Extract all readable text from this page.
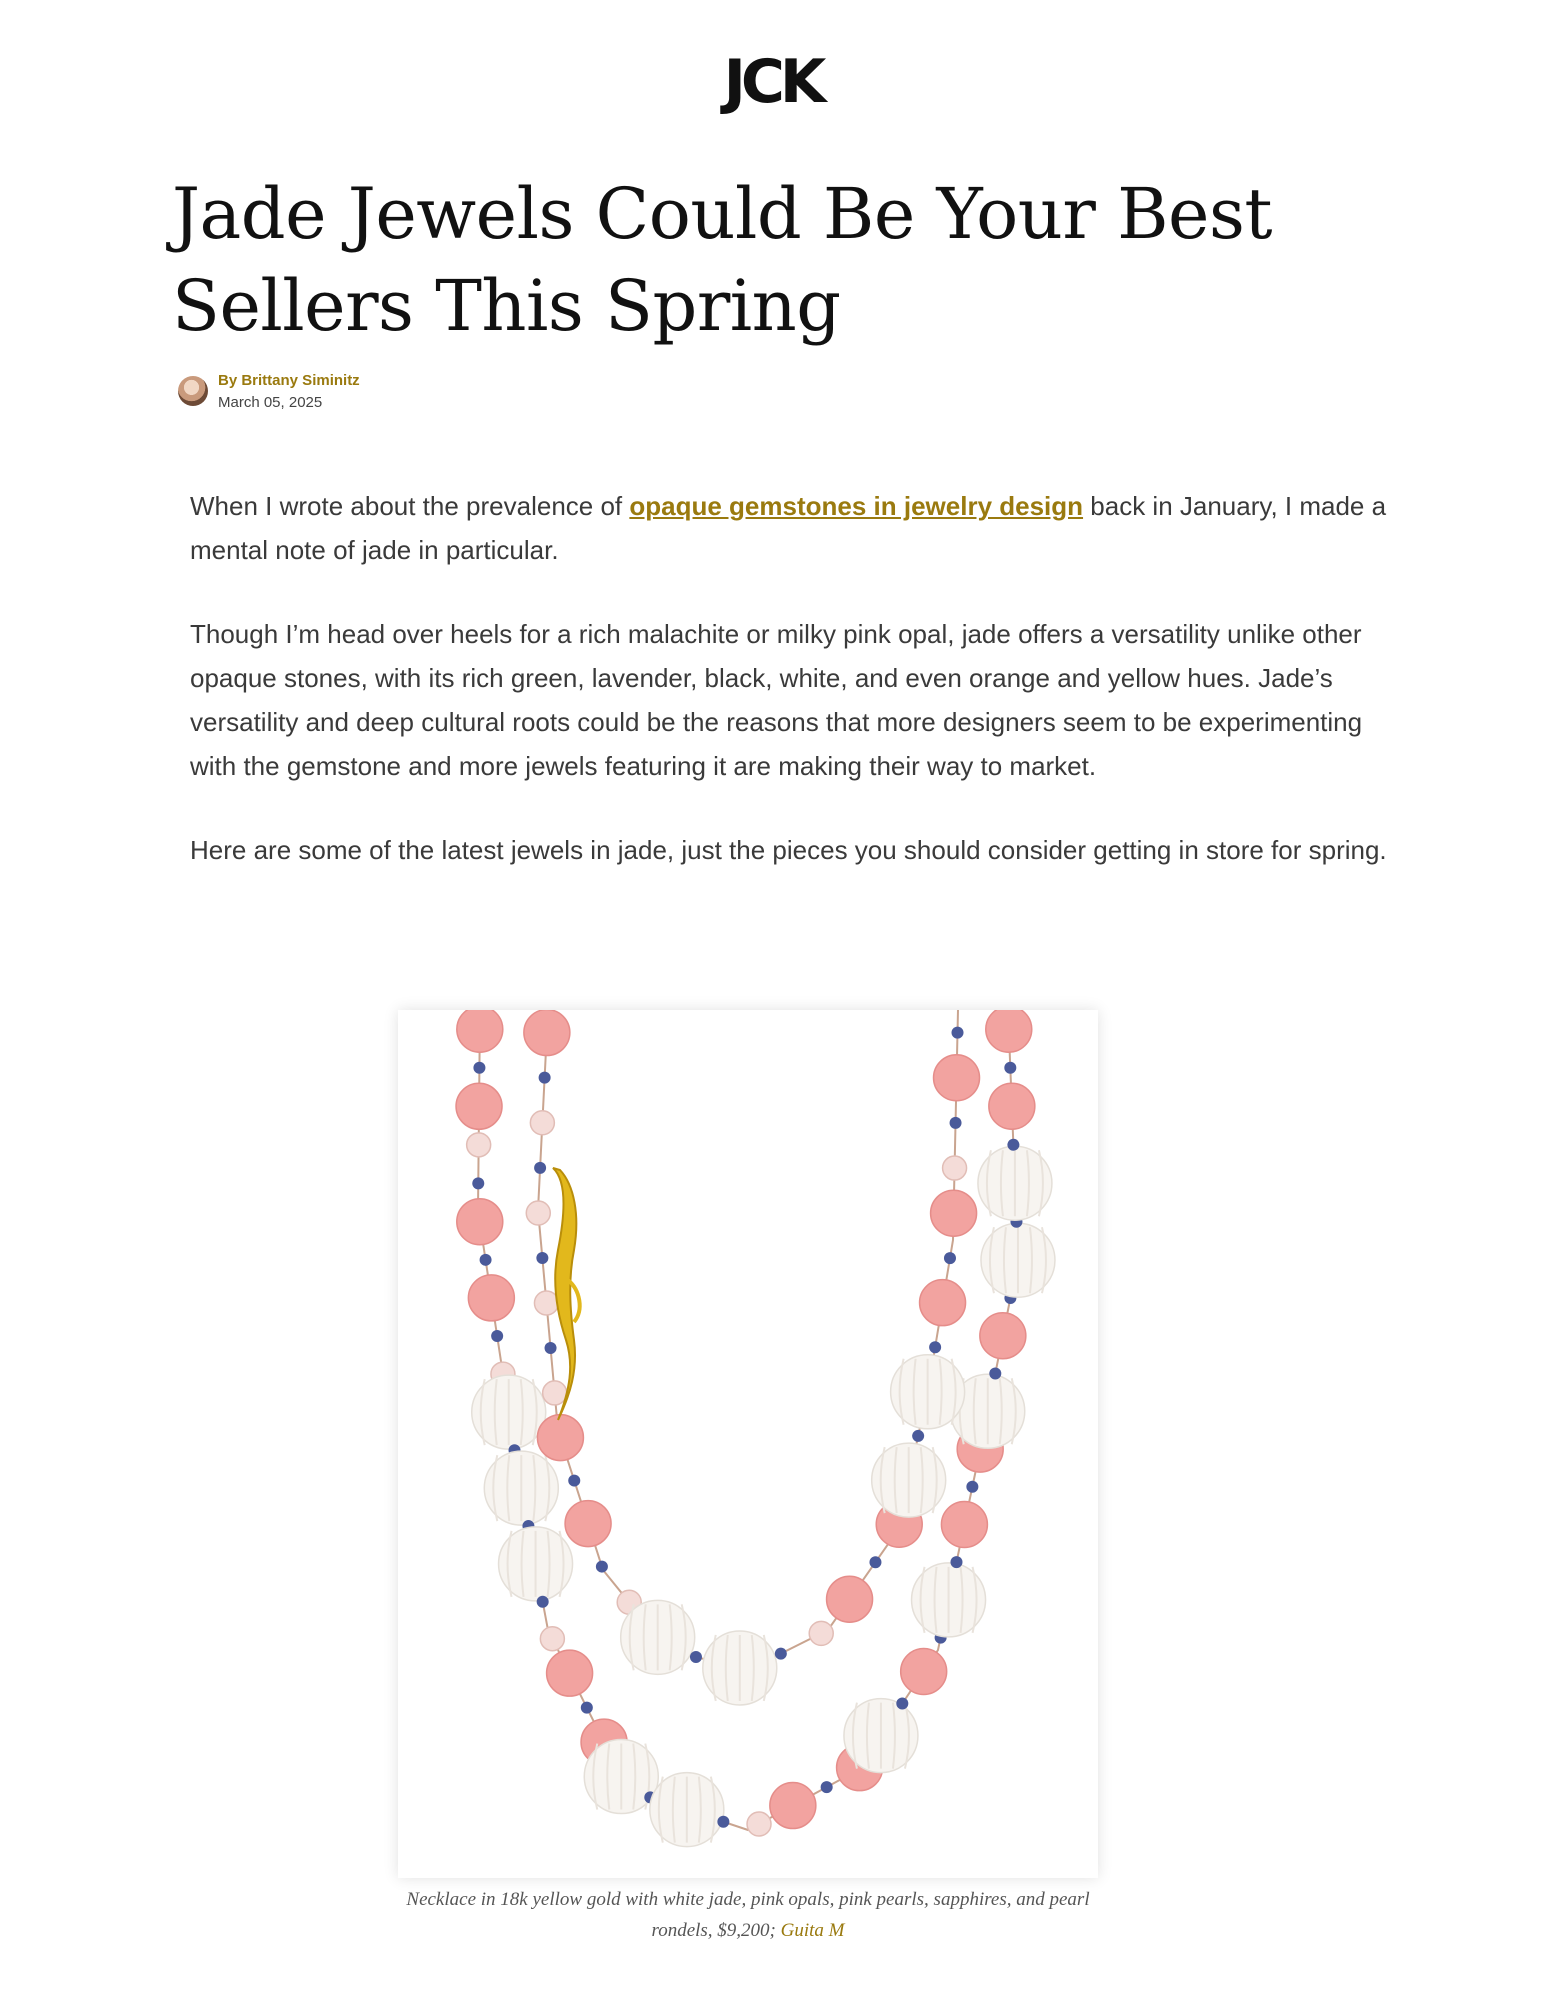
JCK
Jade Jewels Could Be Your Best Sellers This Spring
By Brittany Siminitz
March 05, 2025

When I wrote about the prevalence of opaque gemstones in jewelry design back in January, I made a mental note of jade in particular.

Though I’m head over heels for a rich malachite or milky pink opal, jade offers a versatility unlike other opaque stones, with its rich green, lavender, black, white, and even orange and yellow hues. Jade’s versatility and deep cultural roots could be the reasons that more designers seem to be experimenting with the gemstone and more jewels featuring it are making their way to market.

Here are some of the latest jewels in jade, just the pieces you should consider getting in store for spring.

Necklace in 18k yellow gold with white jade, pink opals, pink pearls, sapphires, and pearl rondels, $9,200; Guita M
